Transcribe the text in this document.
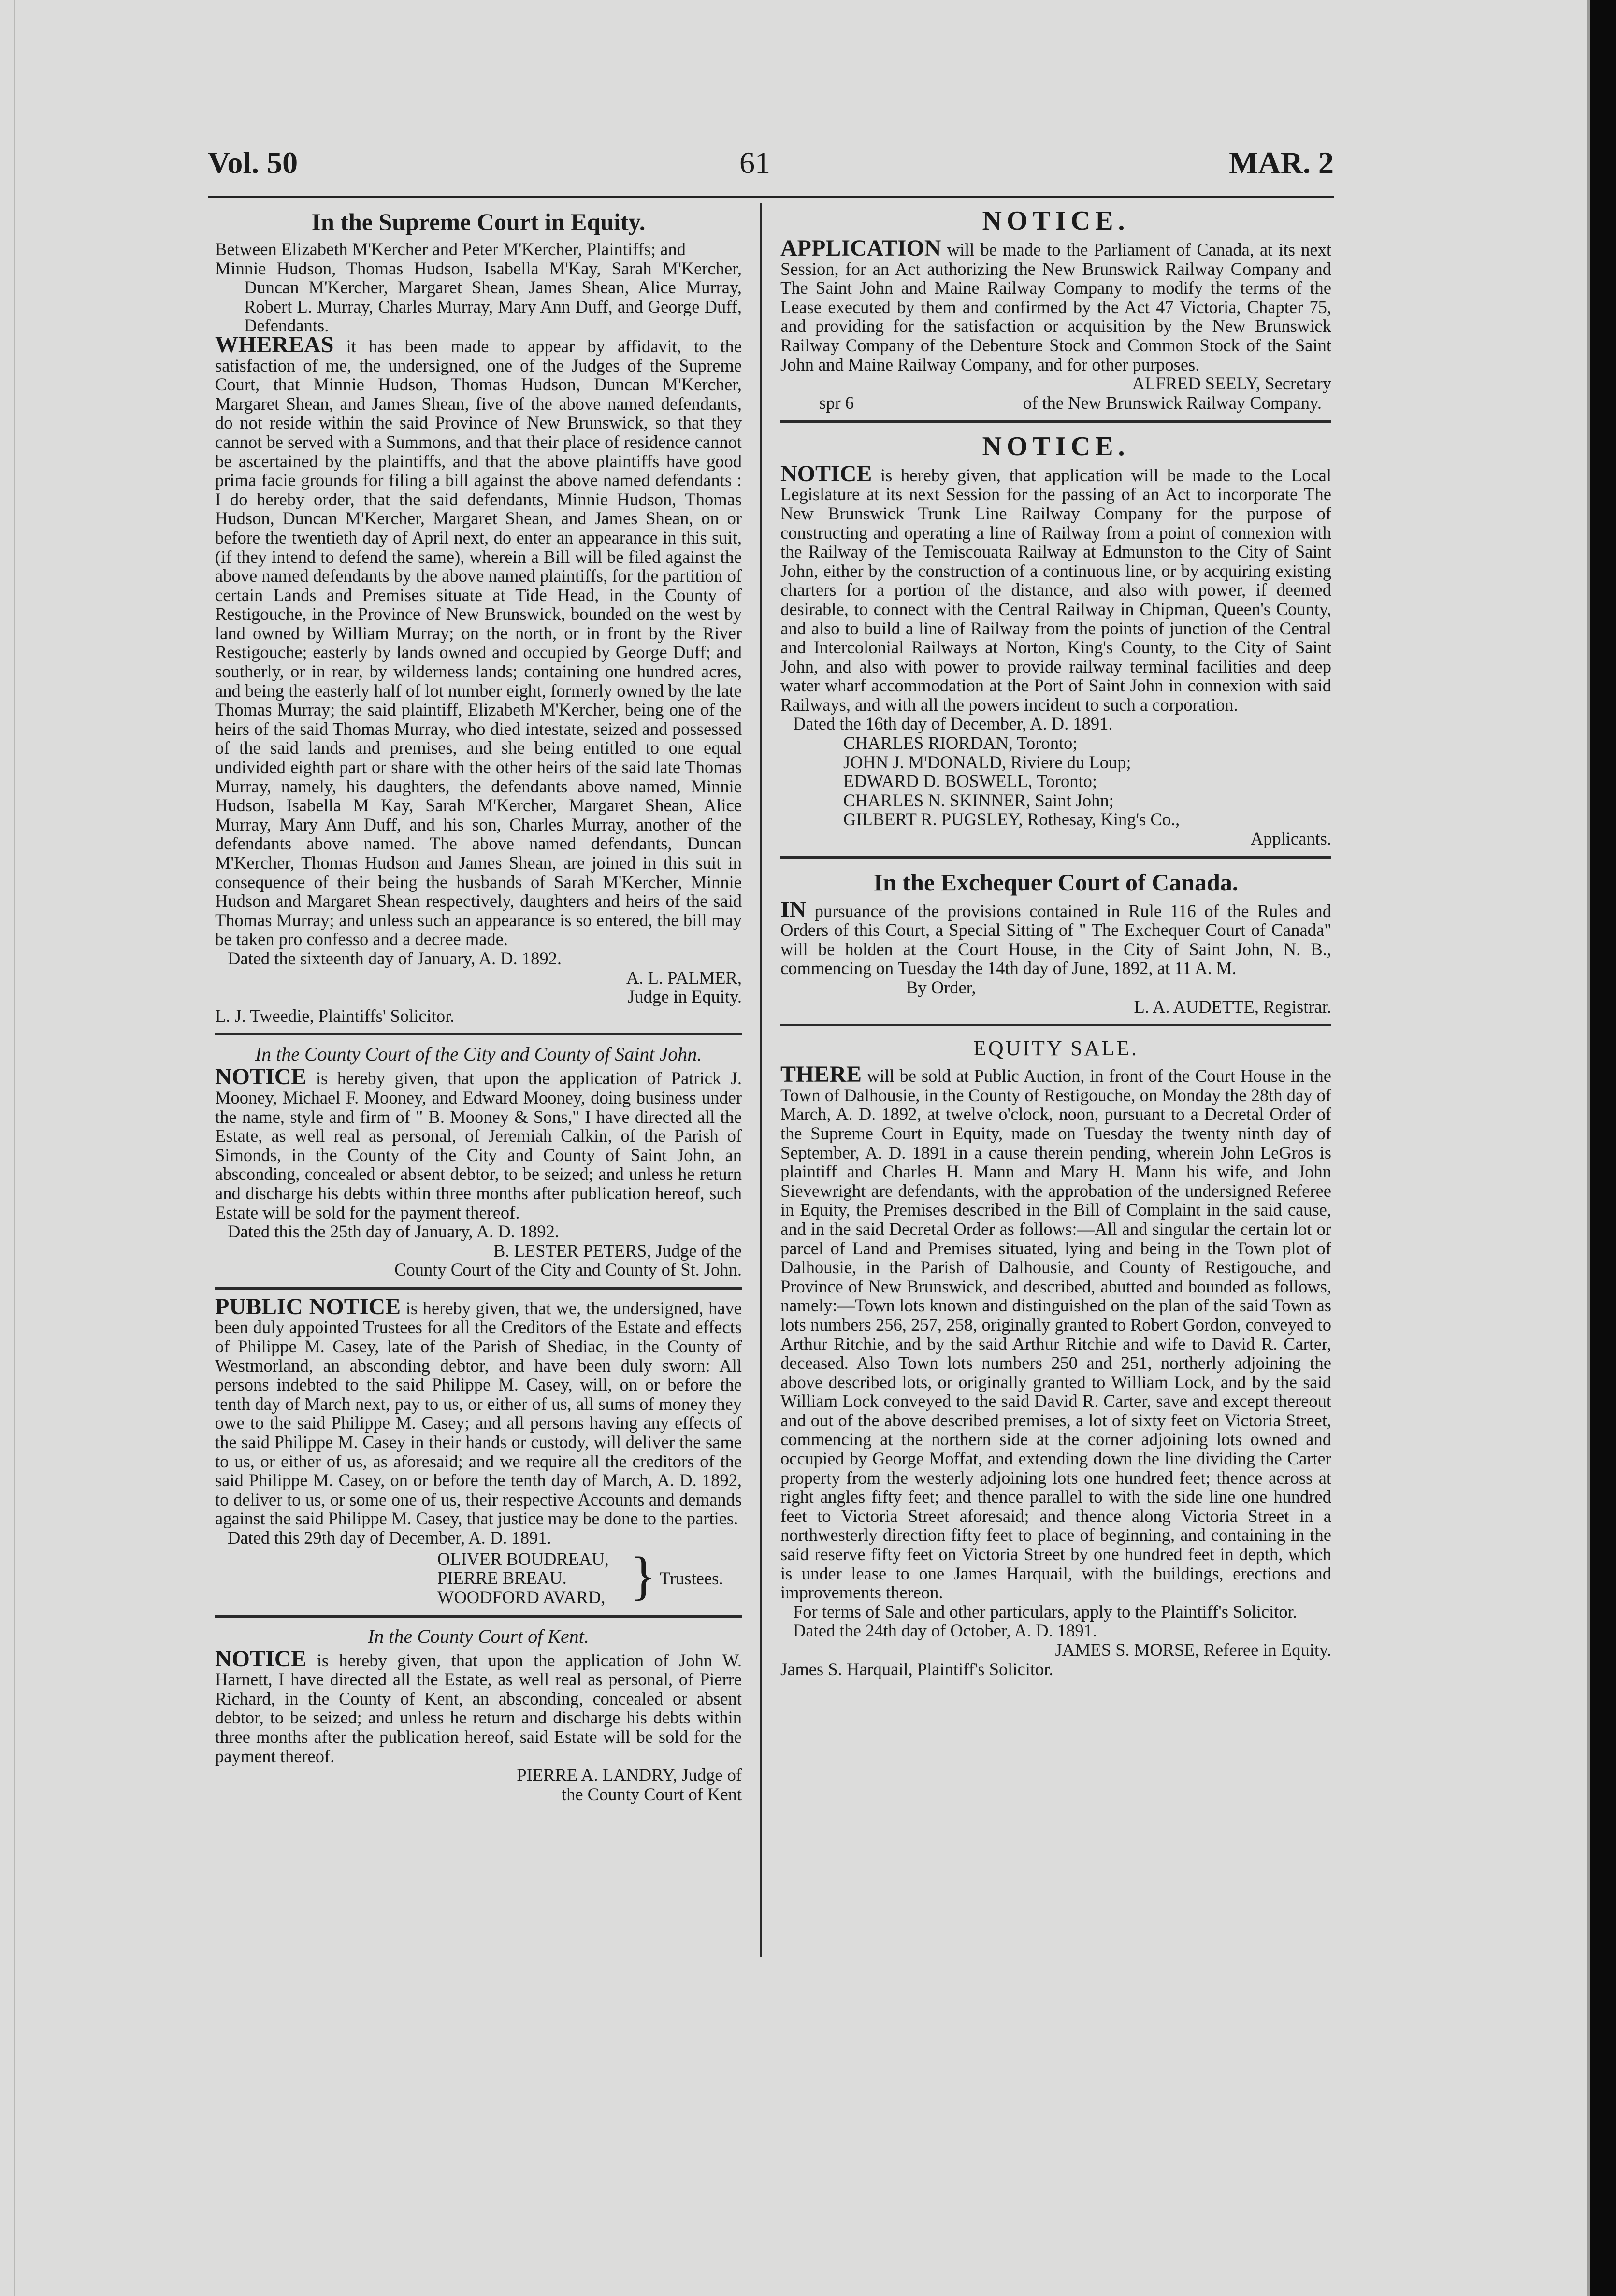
Vol. 50	61	MAR. 2
In the Supreme Court in Equity.

Between Elizabeth M'Kercher and Peter M'Kercher, Plaintiffs; and

Minnie Hudson, Thomas Hudson, Isabella M'Kay, Sarah M'Kercher, Duncan M'Kercher, Margaret Shean, James Shean, Alice Murray, Robert L. Murray, Charles Murray, Mary Ann Duff, and George Duff, Defendants.

WHEREAS it has been made to appear by affidavit, to the satisfaction of me, the undersigned, one of the Judges of the Supreme Court, that Minnie Hudson, Thomas Hudson, Duncan M'Kercher, Margaret Shean, and James Shean, five of the above named defendants, do not reside within the said Province of New Brunswick, so that they cannot be served with a Summons, and that their place of residence cannot be ascertained by the plaintiffs, and that the above plaintiffs have good prima facie grounds for filing a bill against the above named defendants : I do hereby order, that the said defendants, Minnie Hudson, Thomas Hudson, Duncan M'Kercher, Margaret Shean, and James Shean, on or before the twentieth day of April next, do enter an appearance in this suit, (if they intend to defend the same), wherein a Bill will be filed against the above named defendants by the above named plaintiffs, for the partition of certain Lands and Premises situate at Tide Head, in the County of Restigouche, in the Province of New Brunswick, bounded on the west by land owned by William Murray; on the north, or in front by the River Restigouche; easterly by lands owned and occupied by George Duff; and southerly, or in rear, by wilderness lands; containing one hundred acres, and being the easterly half of lot number eight, formerly owned by the late Thomas Murray; the said plaintiff, Elizabeth M'Kercher, being one of the heirs of the said Thomas Murray, who died intestate, seized and possessed of the said lands and premises, and she being entitled to one equal undivided eighth part or share with the other heirs of the said late Thomas Murray, namely, his daughters, the defendants above named, Minnie Hudson, Isabella M Kay, Sarah M'Kercher, Margaret Shean, Alice Murray, Mary Ann Duff, and his son, Charles Murray, another of the defendants above named. The above named defendants, Duncan M'Kercher, Thomas Hudson and James Shean, are joined in this suit in consequence of their being the husbands of Sarah M'Kercher, Minnie Hudson and Margaret Shean respectively, daughters and heirs of the said Thomas Murray; and unless such an appearance is so entered, the bill may be taken pro confesso and a decree made.

Dated the sixteenth day of January, A. D. 1892.

A. L. PALMER,

Judge in Equity.

L. J. Tweedie, Plaintiffs' Solicitor.

In the County Court of the City and County of Saint John.

NOTICE is hereby given, that upon the application of Patrick J. Mooney, Michael F. Mooney, and Edward Mooney, doing business under the name, style and firm of " B. Mooney & Sons," I have directed all the Estate, as well real as personal, of Jeremiah Calkin, of the Parish of Simonds, in the County of the City and County of Saint John, an absconding, concealed or absent debtor, to be seized; and unless he return and discharge his debts within three months after publication hereof, such Estate will be sold for the payment thereof.

Dated this the 25th day of January, A. D. 1892.

B. LESTER PETERS, Judge of the

County Court of the City and County of St. John.

PUBLIC NOTICE is hereby given, that we, the undersigned, have been duly appointed Trustees for all the Creditors of the Estate and effects of Philippe M. Casey, late of the Parish of Shediac, in the County of Westmorland, an absconding debtor, and have been duly sworn: All persons indebted to the said Philippe M. Casey, will, on or before the tenth day of March next, pay to us, or either of us, all sums of money they owe to the said Philippe M. Casey; and all persons having any effects of the said Philippe M. Casey in their hands or custody, will deliver the same to us, or either of us, as aforesaid; and we require all the creditors of the said Philippe M. Casey, on or before the tenth day of March, A. D. 1892, to deliver to us, or some one of us, their respective Accounts and demands against the said Philippe M. Casey, that justice may be done to the parties.

Dated this 29th day of December, A. D. 1891.

OLIVER BOUDREAU,
PIERRE BREAU.
WOODFORD AVARD, } Trustees.
In the County Court of Kent.

NOTICE is hereby given, that upon the application of John W. Harnett, I have directed all the Estate, as well real as personal, of Pierre Richard, in the County of Kent, an absconding, concealed or absent debtor, to be seized; and unless he return and discharge his debts within three months after the publication hereof, said Estate will be sold for the payment thereof.

PIERRE A. LANDRY, Judge of

the County Court of Kent

NOTICE.

APPLICATION will be made to the Parliament of Canada, at its next Session, for an Act authorizing the New Brunswick Railway Company and The Saint John and Maine Railway Company to modify the terms of the Lease executed by them and confirmed by the Act 47 Victoria, Chapter 75, and providing for the satisfaction or acquisition by the New Brunswick Railway Company of the Debenture Stock and Common Stock of the Saint John and Maine Railway Company, and for other purposes.

ALFRED SEELY, Secretary

spr 6	of the New Brunswick Railway Company.
NOTICE.

NOTICE is hereby given, that application will be made to the Local Legislature at its next Session for the passing of an Act to incorporate The New Brunswick Trunk Line Railway Company for the purpose of constructing and operating a line of Railway from a point of connexion with the Railway of the Temiscouata Railway at Edmunston to the City of Saint John, either by the construction of a continuous line, or by acquiring existing charters for a portion of the distance, and also with power, if deemed desirable, to connect with the Central Railway in Chipman, Queen's County, and also to build a line of Railway from the points of junction of the Central and Intercolonial Railways at Norton, King's County, to the City of Saint John, and also with power to provide railway terminal facilities and deep water wharf accommodation at the Port of Saint John in connexion with said Railways, and with all the powers incident to such a corporation.

Dated the 16th day of December, A. D. 1891.

CHARLES RIORDAN, Toronto;

JOHN J. M'DONALD, Riviere du Loup;

EDWARD D. BOSWELL, Toronto;

CHARLES N. SKINNER, Saint John;

GILBERT R. PUGSLEY, Rothesay, King's Co.,

Applicants.

In the Exchequer Court of Canada.

IN pursuance of the provisions contained in Rule 116 of the Rules and Orders of this Court, a Special Sitting of " The Exchequer Court of Canada" will be holden at the Court House, in the City of Saint John, N. B., commencing on Tuesday the 14th day of June, 1892, at 11 A. M.

By Order,

L. A. AUDETTE, Registrar.

EQUITY SALE.

THERE will be sold at Public Auction, in front of the Court House in the Town of Dalhousie, in the County of Restigouche, on Monday the 28th day of March, A. D. 1892, at twelve o'clock, noon, pursuant to a Decretal Order of the Supreme Court in Equity, made on Tuesday the twenty ninth day of September, A. D. 1891 in a cause therein pending, wherein John LeGros is plaintiff and Charles H. Mann and Mary H. Mann his wife, and John Sievewright are defendants, with the approbation of the undersigned Referee in Equity, the Premises described in the Bill of Complaint in the said cause, and in the said Decretal Order as follows:—All and singular the certain lot or parcel of Land and Premises situated, lying and being in the Town plot of Dalhousie, in the Parish of Dalhousie, and County of Restigouche, and Province of New Brunswick, and described, abutted and bounded as follows, namely:—Town lots known and distinguished on the plan of the said Town as lots numbers 256, 257, 258, originally granted to Robert Gordon, conveyed to Arthur Ritchie, and by the said Arthur Ritchie and wife to David R. Carter, deceased. Also Town lots numbers 250 and 251, northerly adjoining the above described lots, or originally granted to William Lock, and by the said William Lock conveyed to the said David R. Carter, save and except thereout and out of the above described premises, a lot of sixty feet on Victoria Street, commencing at the northern side at the corner adjoining lots owned and occupied by George Moffat, and extending down the line dividing the Carter property from the westerly adjoining lots one hundred feet; thence across at right angles fifty feet; and thence parallel to with the side line one hundred feet to Victoria Street aforesaid; and thence along Victoria Street in a northwesterly direction fifty feet to place of beginning, and containing in the said reserve fifty feet on Victoria Street by one hundred feet in depth, which is under lease to one James Harquail, with the buildings, erections and improvements thereon.

For terms of Sale and other particulars, apply to the Plaintiff's Solicitor.

Dated the 24th day of October, A. D. 1891.

JAMES S. MORSE, Referee in Equity.

James S. Harquail, Plaintiff's Solicitor.
